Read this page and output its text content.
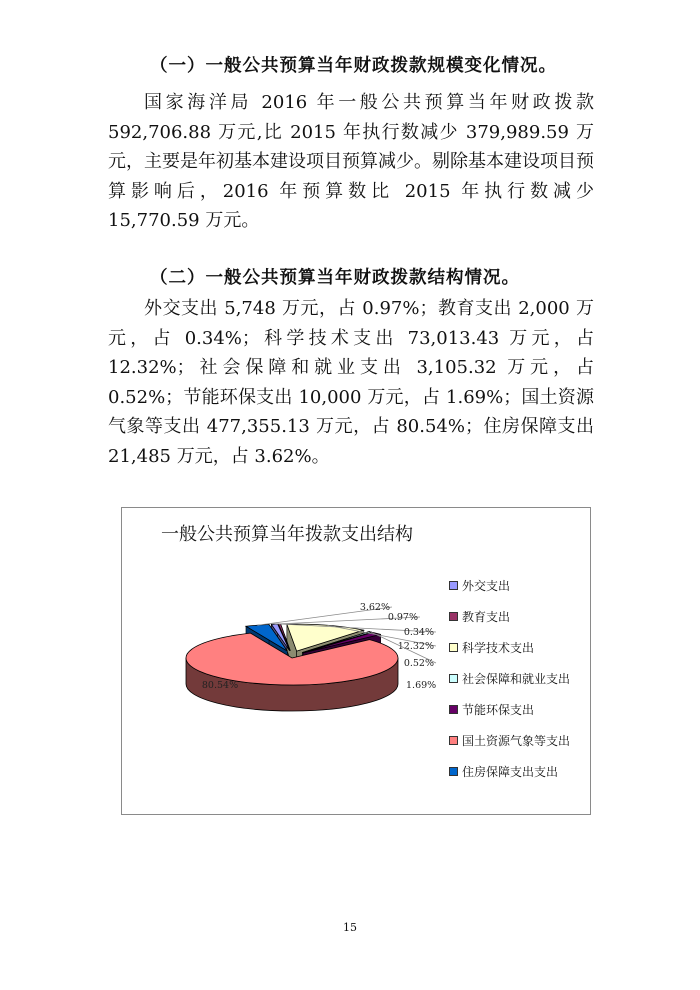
（一）一般公共预算当年财政拨款规模变化情况。

国家海洋局 2016 年一般公共预算当年财政拨款 592,706.88 万元,比 2015 年执行数减少 379,989.59 万元，主要是年初基本建设项目预算减少。剔除基本建设项目预算影响后，2016 年预算数比 2015 年执行数减少 15,770.59 万元。

（二）一般公共预算当年财政拨款结构情况。

外交支出 5,748 万元，占 0.97%；教育支出 2,000 万元，占 0.34%；科学技术支出 73,013.43 万元，占 12.32%；社会保障和就业支出 3,105.32 万元，占 0.52%；节能环保支出 10,000 万元，占 1.69%；国土资源气象等支出 477,355.13 万元，占 80.54%；住房保障支出 21,485 万元，占 3.62%。

一般公共预算当年拨款支出结构
0.97%
0.34%
12.32%
0.52%
1.69%
80.54%
3.62%
外交支出
教育支出
科学技术支出
社会保障和就业支出
节能环保支出
国土资源气象等支出
住房保障支出支出
15
